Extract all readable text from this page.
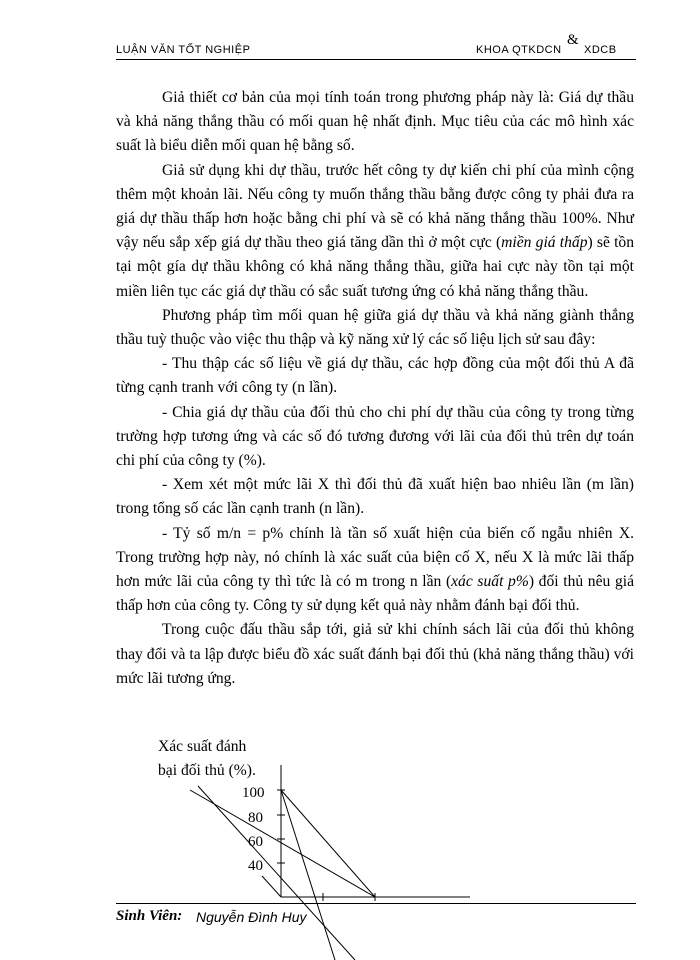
LUẬN VĂN TỐT NGHIỆP	KHOA QTKDCN
&
XDCB

Giả thiết cơ bản của mọi tính toán trong phương pháp này là: Giá dự thầu và khả năng thắng thầu có mối quan hệ nhất định. Mục tiêu của các mô hình xác suất là biểu diễn mối quan hệ bằng số.

Giả sử dụng khi dự thầu, trước hết công ty dự kiến chi phí của mình cộng thêm một khoản lãi. Nếu công ty muốn thắng thầu bằng được công ty phải đưa ra giá dự thầu thấp hơn hoặc bằng chi phí và sẽ có khả năng thắng thầu 100%. Như vậy nếu sắp xếp giá dự thầu theo giá tăng dần thì ở một cực (miền giá thấp) sẽ tồn tại một gía dự thầu không có khả năng thắng thầu, giữa hai cực này tồn tại một miền liên tục các giá dự thầu có sắc suất tương ứng có khả năng thắng thầu.

Phương pháp tìm mối quan hệ giữa giá dự thầu và khả năng giành thắng thầu tuỳ thuộc vào việc thu thập và kỹ năng xử lý các số liệu lịch sử sau đây:

- Thu thập các số liệu về giá dự thầu, các hợp đồng của một đối thủ A đã từng cạnh tranh với công ty (n lần).

- Chia giá dự thầu của đối thủ cho chi phí dự thầu của công ty trong từng trường hợp tương ứng và các số đó tương đương với lãi của đối thủ trên dự toán chi phí của công ty (%).

- Xem xét một mức lãi X thì đối thủ đã xuất hiện bao nhiêu lần (m lần) trong tổng số các lần cạnh tranh (n lần).

- Tỷ số m/n = p% chính là tần số xuất hiện của biến cố ngẫu nhiên X. Trong trường hợp này, nó chính là xác suất của biện cố X, nếu X là mức lãi thấp hơn mức lãi của công ty thì tức là có m trong n lần (xác suất p%) đối thủ nêu giá thấp hơn của công ty. Công ty sử dụng kết quả này nhằm đánh bại đối thủ.

Trong cuộc đấu thầu sắp tới, giả sử khi chính sách lãi của đối thủ không thay đổi và ta lập được biểu đồ xác suất đánh bại đối thủ (khả năng thắng thầu) với mức lãi tương ứng.

Xác suất đánh
bại đối thủ (%).
100
80
60
40
Sinh Viên: Nguyễn Đình Huy
